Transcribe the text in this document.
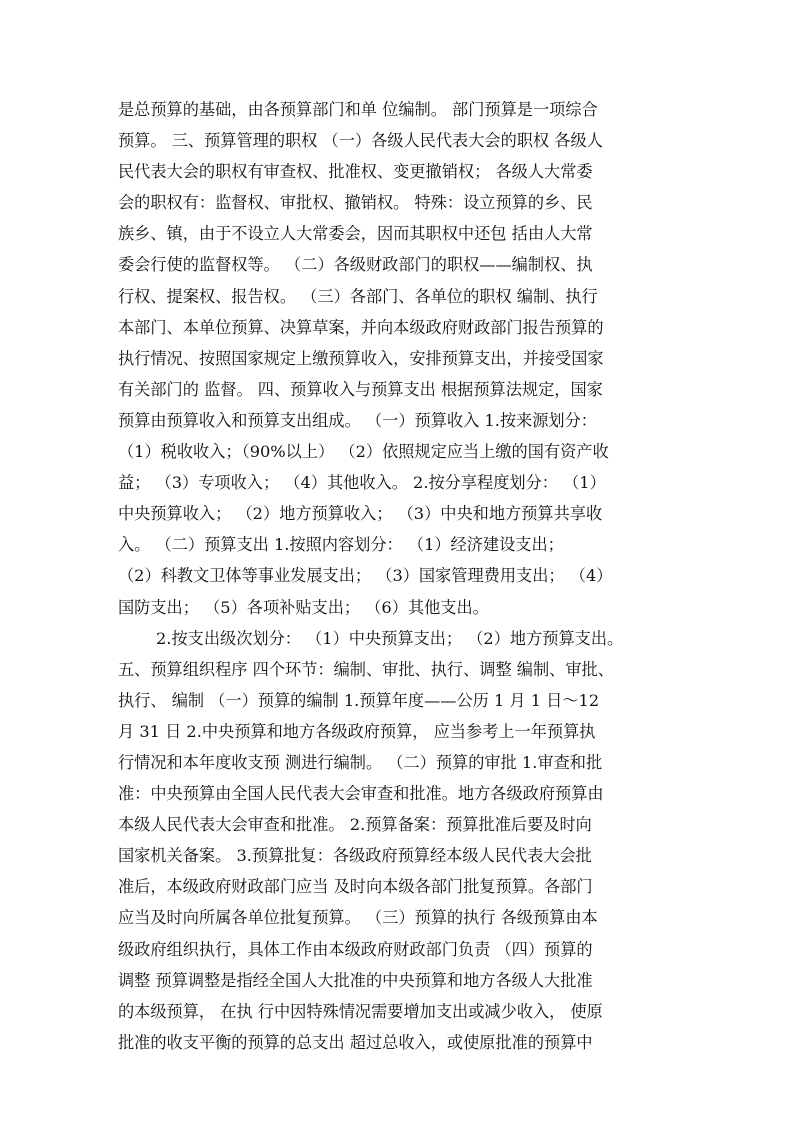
是总预算的基础，由各预算部门和单 位编制。 部门预算是一项综合
预算。 三、预算管理的职权 （一）各级人民代表大会的职权 各级人
民代表大会的职权有审查权、批准权、变更撤销权； 各级人大常委
会的职权有：监督权、审批权、撤销权。 特殊：设立预算的乡、民
族乡、镇，由于不设立人大常委会，因而其职权中还包 括由人大常
委会行使的监督权等。 （二）各级财政部门的职权——编制权、执
行权、提案权、报告权。 （三）各部门、各单位的职权 编制、执行
本部门、本单位预算、决算草案，并向本级政府财政部门报告预算的
执行情况、按照国家规定上缴预算收入，安排预算支出，并接受国家
有关部门的 监督。 四、预算收入与预算支出 根据预算法规定，国家
预算由预算收入和预算支出组成。 （一）预算收入 1.按来源划分：
（1）税收收入；（90%以上） （2）依照规定应当上缴的国有资产收
益； （3）专项收入； （4）其他收入。 2.按分享程度划分： （1）
中央预算收入； （2）地方预算收入； （3）中央和地方预算共享收
入。 （二）预算支出 1.按照内容划分： （1）经济建设支出；
（2）科教文卫体等事业发展支出； （3）国家管理费用支出； （4）
国防支出； （5）各项补贴支出； （6）其他支出。
2.按支出级次划分： （1）中央预算支出； （2）地方预算支出。
五、预算组织程序 四个环节：编制、审批、执行、调整 编制、审批、
执行、 编制 （一）预算的编制 1.预算年度——公历 1 月 1 日～12
月 31 日 2.中央预算和地方各级政府预算， 应当参考上一年预算执
行情况和本年度收支预 测进行编制。 （二）预算的审批 1.审查和批
准：中央预算由全国人民代表大会审查和批准。地方各级政府预算由
本级人民代表大会审查和批准。 2.预算备案：预算批准后要及时向
国家机关备案。 3.预算批复：各级政府预算经本级人民代表大会批
准后，本级政府财政部门应当 及时向本级各部门批复预算。各部门
应当及时向所属各单位批复预算。 （三）预算的执行 各级预算由本
级政府组织执行，具体工作由本级政府财政部门负责 （四）预算的
调整 预算调整是指经全国人大批准的中央预算和地方各级人大批准
的本级预算， 在执 行中因特殊情况需要增加支出或减少收入， 使原
批准的收支平衡的预算的总支出 超过总收入，或使原批准的预算中
